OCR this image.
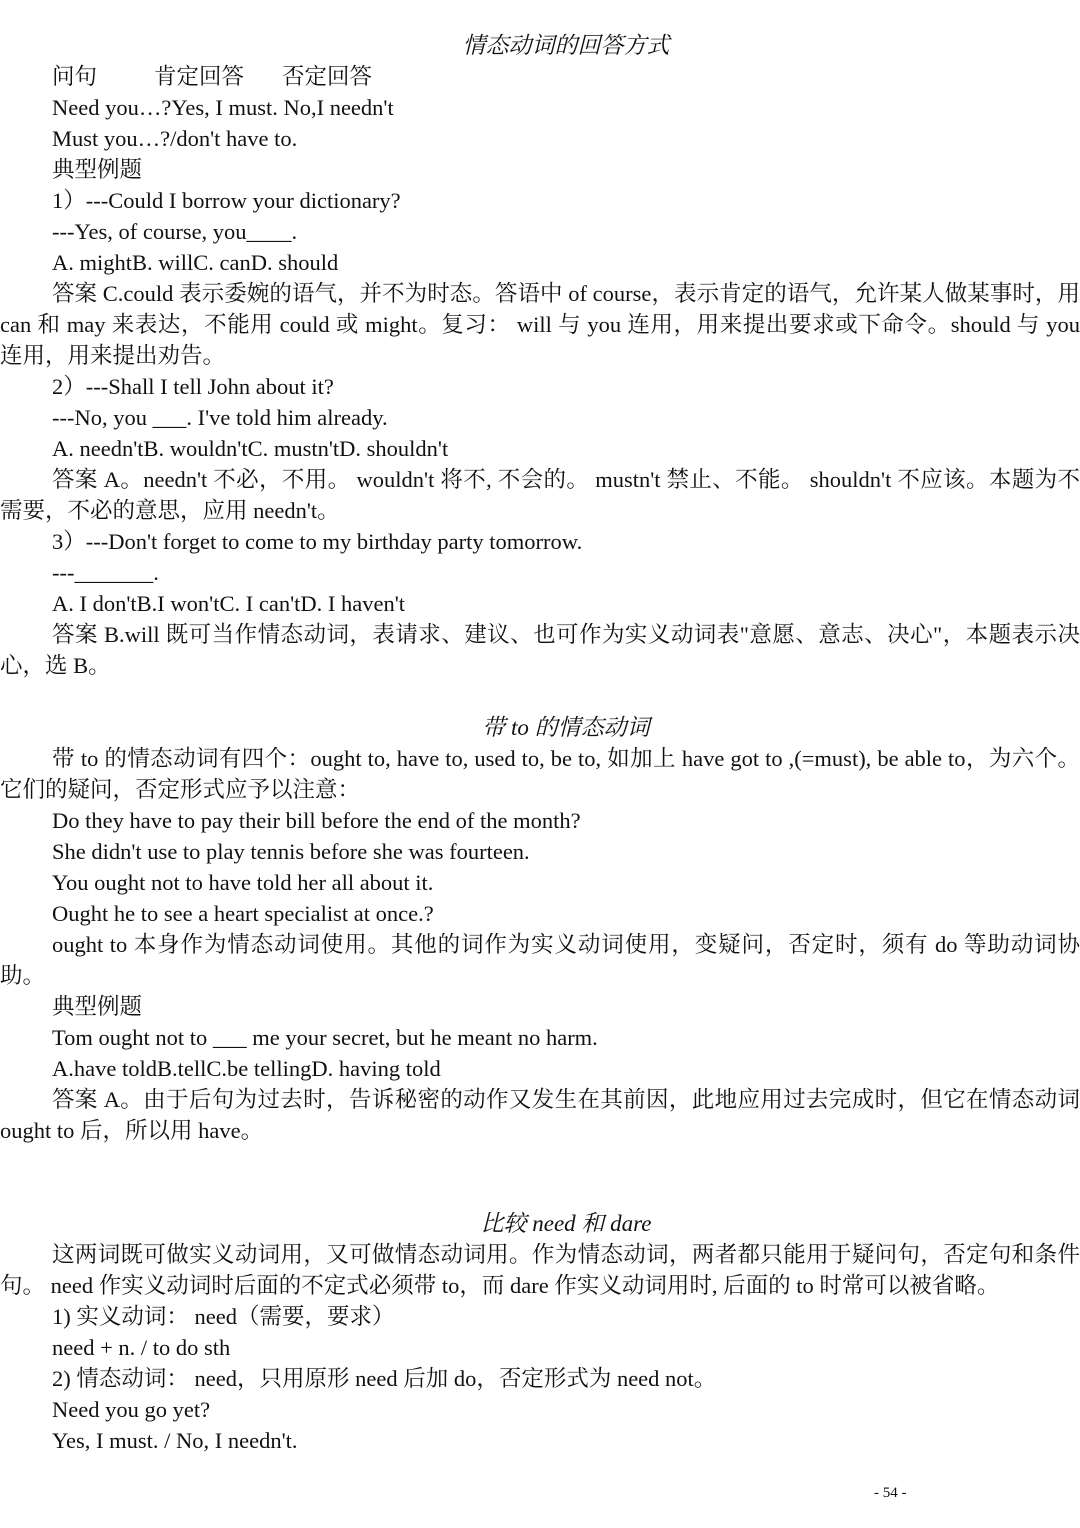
情态动词的回答方式
问句	肯定回答 否定回答
Need you…?Yes, I must. No,I needn't
Must you…?/don't have to.
典型例题
1）---Could I borrow your dictionary?
---Yes, of course, you____.
A. mightB. willC. canD. should

答案 C.could 表示委婉的语气，并不为时态。答语中 of course，表示肯定的语气，允许某人做某事时，用 can 和 may 来表达，不能用 could 或 might。复习： will 与 you 连用，用来提出要求或下命令。should 与 you 连用，用来提出劝告。

2）---Shall I tell John about it?
---No, you ___. I've told him already.
A. needn'tB. wouldn'tC. mustn'tD. shouldn't

答案 A。needn't 不必，不用。 wouldn't 将不, 不会的。 mustn't 禁止、不能。 shouldn't 不应该。本题为不需要，不必的意思，应用 needn't。

3）---Don't forget to come to my birthday party tomorrow.
---_______.
A. I don'tB.I won'tC. I can'tD. I haven't

答案 B.will 既可当作情态动词，表请求、建议、也可作为实义动词表"意愿、意志、决心"，本题表示决心，选 B。

带 to 的情态动词

带 to 的情态动词有四个：ought to, have to, used to, be to, 如加上 have got to ,(=must), be able to，为六个。它们的疑问，否定形式应予以注意：

Do they have to pay their bill before the end of the month?
She didn't use to play tennis before she was fourteen.
You ought not to have told her all about it.
Ought he to see a heart specialist at once.?

ought to 本身作为情态动词使用。其他的词作为实义动词使用，变疑问，否定时，须有 do 等助动词协助。

典型例题
Tom ought not to ___ me your secret, but he meant no harm.
A.have toldB.tellC.be tellingD. having told

答案 A。由于后句为过去时，告诉秘密的动作又发生在其前因，此地应用过去完成时，但它在情态动词 ought to 后，所以用 have。

比较 need 和 dare

这两词既可做实义动词用，又可做情态动词用。作为情态动词，两者都只能用于疑问句，否定句和条件句。 need 作实义动词时后面的不定式必须带 to，而 dare 作实义动词用时, 后面的 to 时常可以被省略。

1) 实义动词： need（需要，要求）
need + n. / to do sth
2) 情态动词： need，只用原形 need 后加 do，否定形式为 need not。
Need you go yet?
Yes, I must. / No, I needn't.
- 54 -
